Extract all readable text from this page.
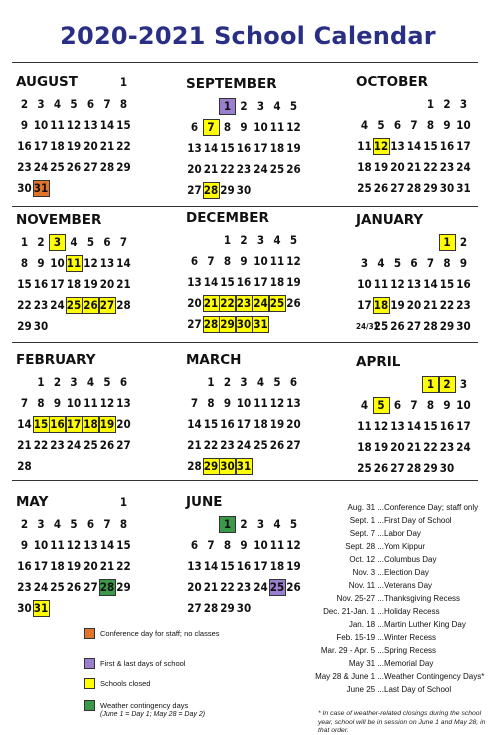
2020-2021 School Calendar
AUGUST	1
2 3 4 5 6 7 8
9 10 11 12 13 14 15
16 17 18 19 20 21 22
23 24 25 26 27 28 29
30 31
SEPTEMBER
1 2 3 4 5
6 7 8 9 10 11 12
13 14 15 16 17 18 19
20 21 22 23 24 25 26
27 28 29 30
OCTOBER
1 2 3
4 5 6 7 8 9 10
11 12 13 14 15 16 17
18 19 20 21 22 23 24
25 26 27 28 29 30 31
NOVEMBER
1 2 3 4 5 6 7
8 9 10 11 12 13 14
15 16 17 18 19 20 21
22 23 24 25 26 27 28
29 30
DECEMBER
1 2 3 4 5
6 7 8 9 10 11 12
13 14 15 16 17 18 19
20 21 22 23 24 25 26
27 28 29 30 31
JANUARY
1 2
3 4 5 6 7 8 9
10 11 12 13 14 15 16
17 18 19 20 21 22 23
24/31
25 26 27 28 29 30
FEBRUARY
1 2 3 4 5 6
7 8 9 10 11 12 13
14 15 16 17 18 19 20
21 22 23 24 25 26 27
28
MARCH
1 2 3 4 5 6
7 8 9 10 11 12 13
14 15 16 17 18 19 20
21 22 23 24 25 26 27
28 29 30 31
APRIL
1 2 3
4 5 6 7 8 9 10
11 12 13 14 15 16 17
18 19 20 21 22 23 24
25 26 27 28 29 30
MAY	1
2 3 4 5 6 7 8
9 10 11 12 13 14 15
16 17 18 19 20 21 22
23 24 25 26 27 28 29
30 31
JUNE
1 2 3 4 5
6 7 8 9 10 11 12
13 14 15 16 17 18 19
20 21 22 23 24 25 26
27 28 29 30
Conference day for staff; no classes
First & last days of school
Schools closed
Weather contingency days
(June 1 = Day 1; May 28 = Day 2)
Aug. 31 ... Conference Day; staff only
Sept. 1 ... First Day of School
Sept. 7 ... Labor Day
Sept. 28 ... Yom Kippur
Oct. 12 ... Columbus Day
Nov. 3 ... Election Day
Nov. 11 ... Veterans Day
Nov. 25-27 ... Thanksgiving Recess
Dec. 21-Jan. 1 ... Holiday Recess
Jan. 18 ... Martin Luther King Day
Feb. 15-19 ... Winter Recess
Mar. 29 - Apr. 5 ... Spring Recess
May 31 ... Memorial Day
May 28 & June 1 ... Weather Contingency Days*
June 25 ... Last Day of School
* In case of weather-related closings during the school year, school will be in session on June 1 and May 28, in that order.
